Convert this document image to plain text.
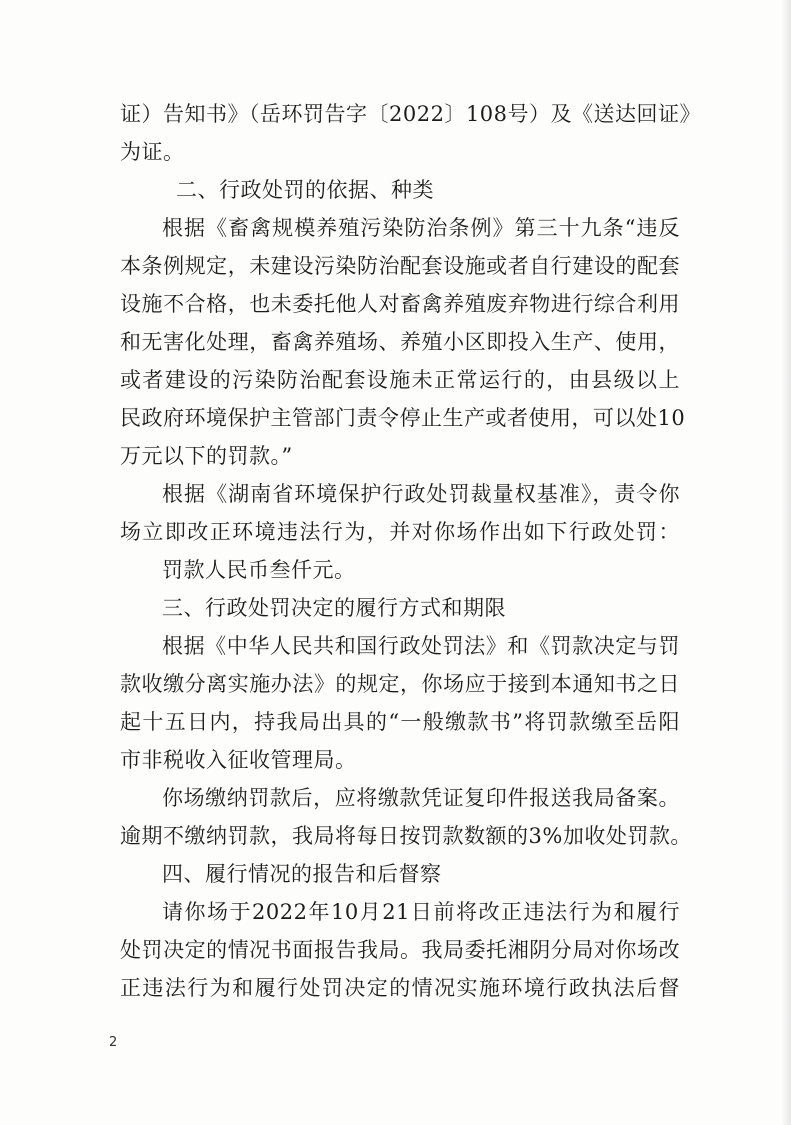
证）告知书》（岳环罚告字〔2022〕108号）及《送达回证》
为证。
二、行政处罚的依据、种类
根据《畜禽规模养殖污染防治条例》第三十九条“违反
本条例规定，未建设污染防治配套设施或者自行建设的配套
设施不合格，也未委托他人对畜禽养殖废弃物进行综合利用
和无害化处理，畜禽养殖场、养殖小区即投入生产、使用，
或者建设的污染防治配套设施未正常运行的，由县级以上
民政府环境保护主管部门责令停止生产或者使用，可以处10
万元以下的罚款。”
根据《湖南省环境保护行政处罚裁量权基准》，责令你
场立即改正环境违法行为，并对你场作出如下行政处罚：
罚款人民币叁仟元。
三、行政处罚决定的履行方式和期限
根据《中华人民共和国行政处罚法》和《罚款决定与罚
款收缴分离实施办法》的规定，你场应于接到本通知书之日
起十五日内，持我局出具的“一般缴款书”将罚款缴至岳阳
市非税收入征收管理局。
你场缴纳罚款后，应将缴款凭证复印件报送我局备案。
逾期不缴纳罚款，我局将每日按罚款数额的3%加收处罚款。
四、履行情况的报告和后督察
请你场于2022年10月21日前将改正违法行为和履行
处罚决定的情况书面报告我局。我局委托湘阴分局对你场改
正违法行为和履行处罚决定的情况实施环境行政执法后督
2
